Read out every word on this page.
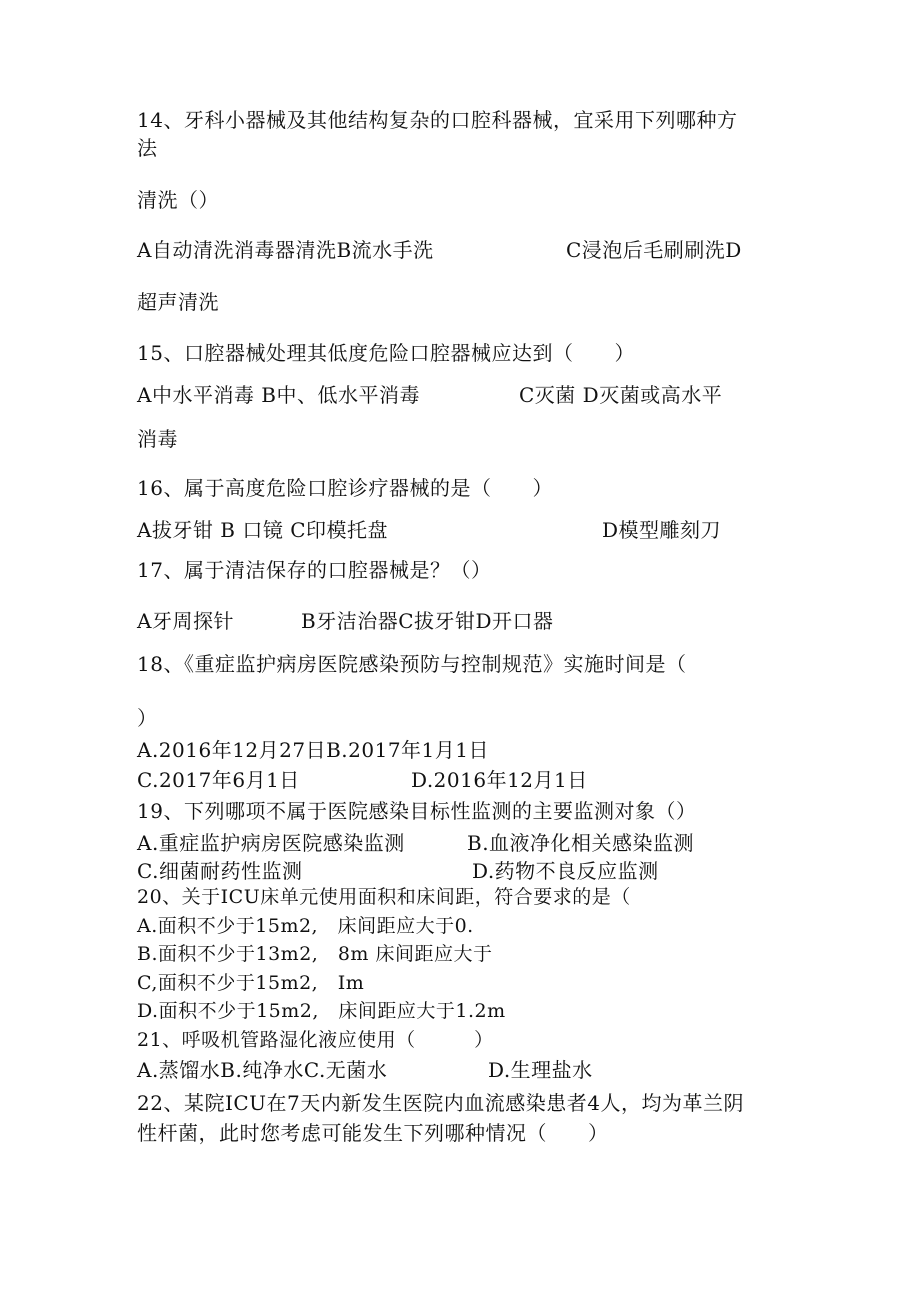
14、牙科小器械及其他结构复杂的口腔科器械，宜采用下列哪种方
法
清洗（）
A自动清洗消毒器清洗B流水手洗	C浸泡后毛刷刷洗D
超声清洗
15、口腔器械处理其低度危险口腔器械应达到（　　）
A中水平消毒 B中、低水平消毒	C灭菌 D灭菌或高水平
消毒
16、属于高度危险口腔诊疗器械的是（　　）
A拔牙钳 B 口镜 C印模托盘	D模型雕刻刀
17、属于清洁保存的口腔器械是？（）
A牙周探针	B牙洁治器C拔牙钳D开口器
18、《重症监护病房医院感染预防与控制规范》实施时间是（
）
A.2016年12月27日B.2017年1月1日
C.2017年6月1日	D.2016年12月1日
19、下列哪项不属于医院感染目标性监测的主要监测对象（）
A.重症监护病房医院感染监测	B.血液净化相关感染监测
C.细菌耐药性监测	D.药物不良反应监测
20、关于ICU床单元使用面积和床间距，符合要求的是（
A.面积不少于15m2,　床间距应大于0.
B.面积不少于13m2,　8m 床间距应大于
C,面积不少于15m2,　Im
D.面积不少于15m2,　床间距应大于1.2m
21、呼吸机管路湿化液应使用（　　　）
A.蒸馏水B.纯净水C.无菌水	D.生理盐水
22、某院ICU在7天内新发生医院内血流感染患者4人，均为革兰阴
性杆菌，此时您考虑可能发生下列哪种情况（　　）
